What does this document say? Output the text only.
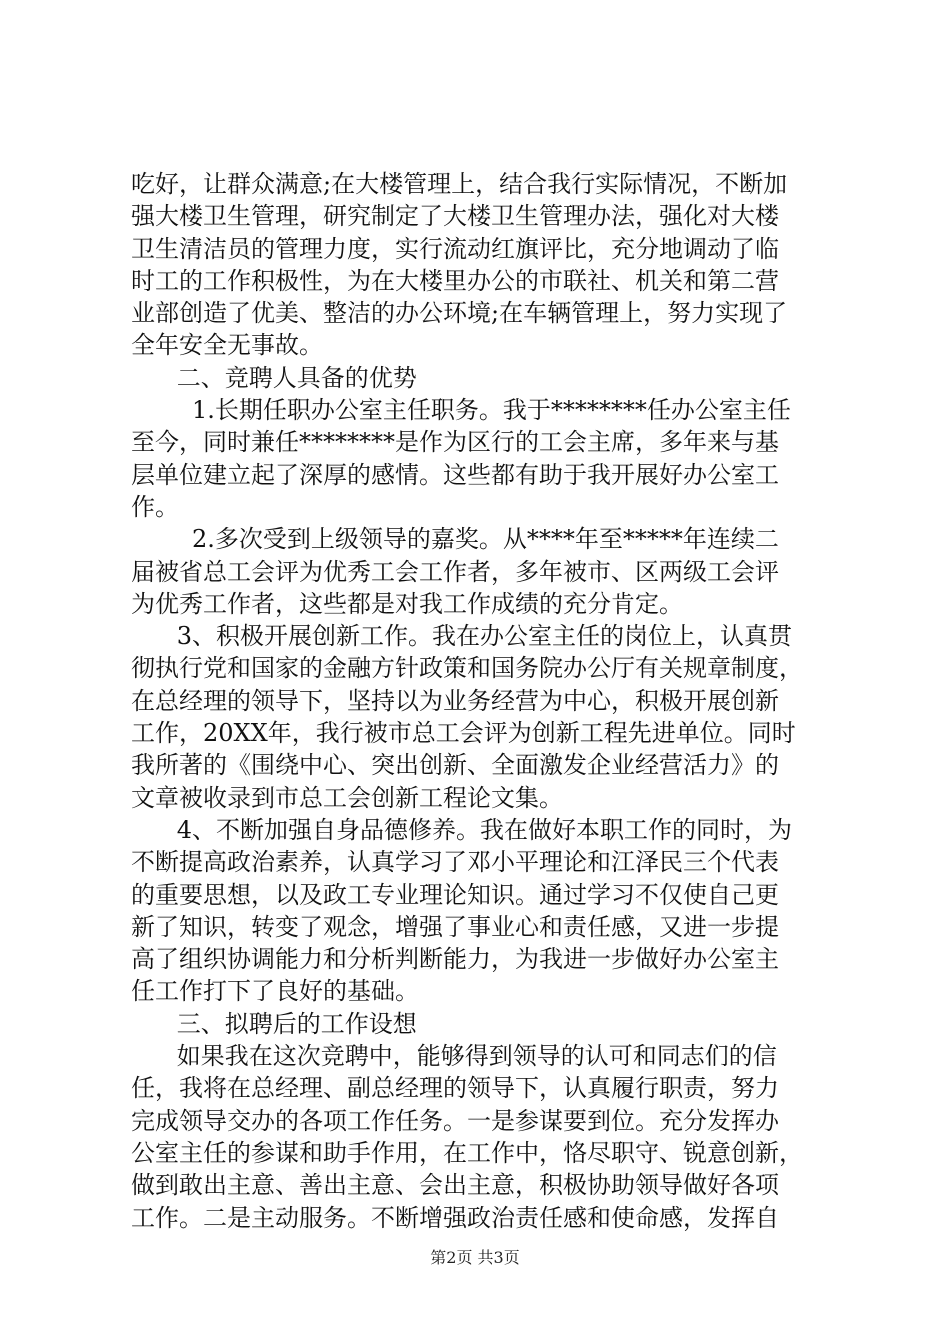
吃好，让群众满意;在大楼管理上，结合我行实际情况，不断加
强大楼卫生管理，研究制定了大楼卫生管理办法，强化对大楼
卫生清洁员的管理力度，实行流动红旗评比，充分地调动了临
时工的工作积极性，为在大楼里办公的市联社、机关和第二营
业部创造了优美、整洁的办公环境;在车辆管理上，努力实现了
全年安全无事故。
二、竞聘人具备的优势
1.长期任职办公室主任职务。我于********任办公室主任
至今，同时兼任********是作为区行的工会主席，多年来与基
层单位建立起了深厚的感情。这些都有助于我开展好办公室工
作。
2.多次受到上级领导的嘉奖。从****年至*****年连续二
届被省总工会评为优秀工会工作者，多年被市、区两级工会评
为优秀工作者，这些都是对我工作成绩的充分肯定。
3、积极开展创新工作。我在办公室主任的岗位上，认真贯
彻执行党和国家的金融方针政策和国务院办公厅有关规章制度，
在总经理的领导下，坚持以为业务经营为中心，积极开展创新
工作，20XX年，我行被市总工会评为创新工程先进单位。同时
我所著的《围绕中心、突出创新、全面激发企业经营活力》的
文章被收录到市总工会创新工程论文集。
4、不断加强自身品德修养。我在做好本职工作的同时，为
不断提高政治素养，认真学习了邓小平理论和江泽民三个代表
的重要思想，以及政工专业理论知识。通过学习不仅使自己更
新了知识，转变了观念，增强了事业心和责任感，又进一步提
高了组织协调能力和分析判断能力，为我进一步做好办公室主
任工作打下了良好的基础。
三、拟聘后的工作设想
如果我在这次竞聘中，能够得到领导的认可和同志们的信
任，我将在总经理、副总经理的领导下，认真履行职责，努力
完成领导交办的各项工作任务。一是参谋要到位。充分发挥办
公室主任的参谋和助手作用，在工作中，恪尽职守、锐意创新，
做到敢出主意、善出主意、会出主意，积极协助领导做好各项
工作。二是主动服务。不断增强政治责任感和使命感，发挥自
第2页 共3页
